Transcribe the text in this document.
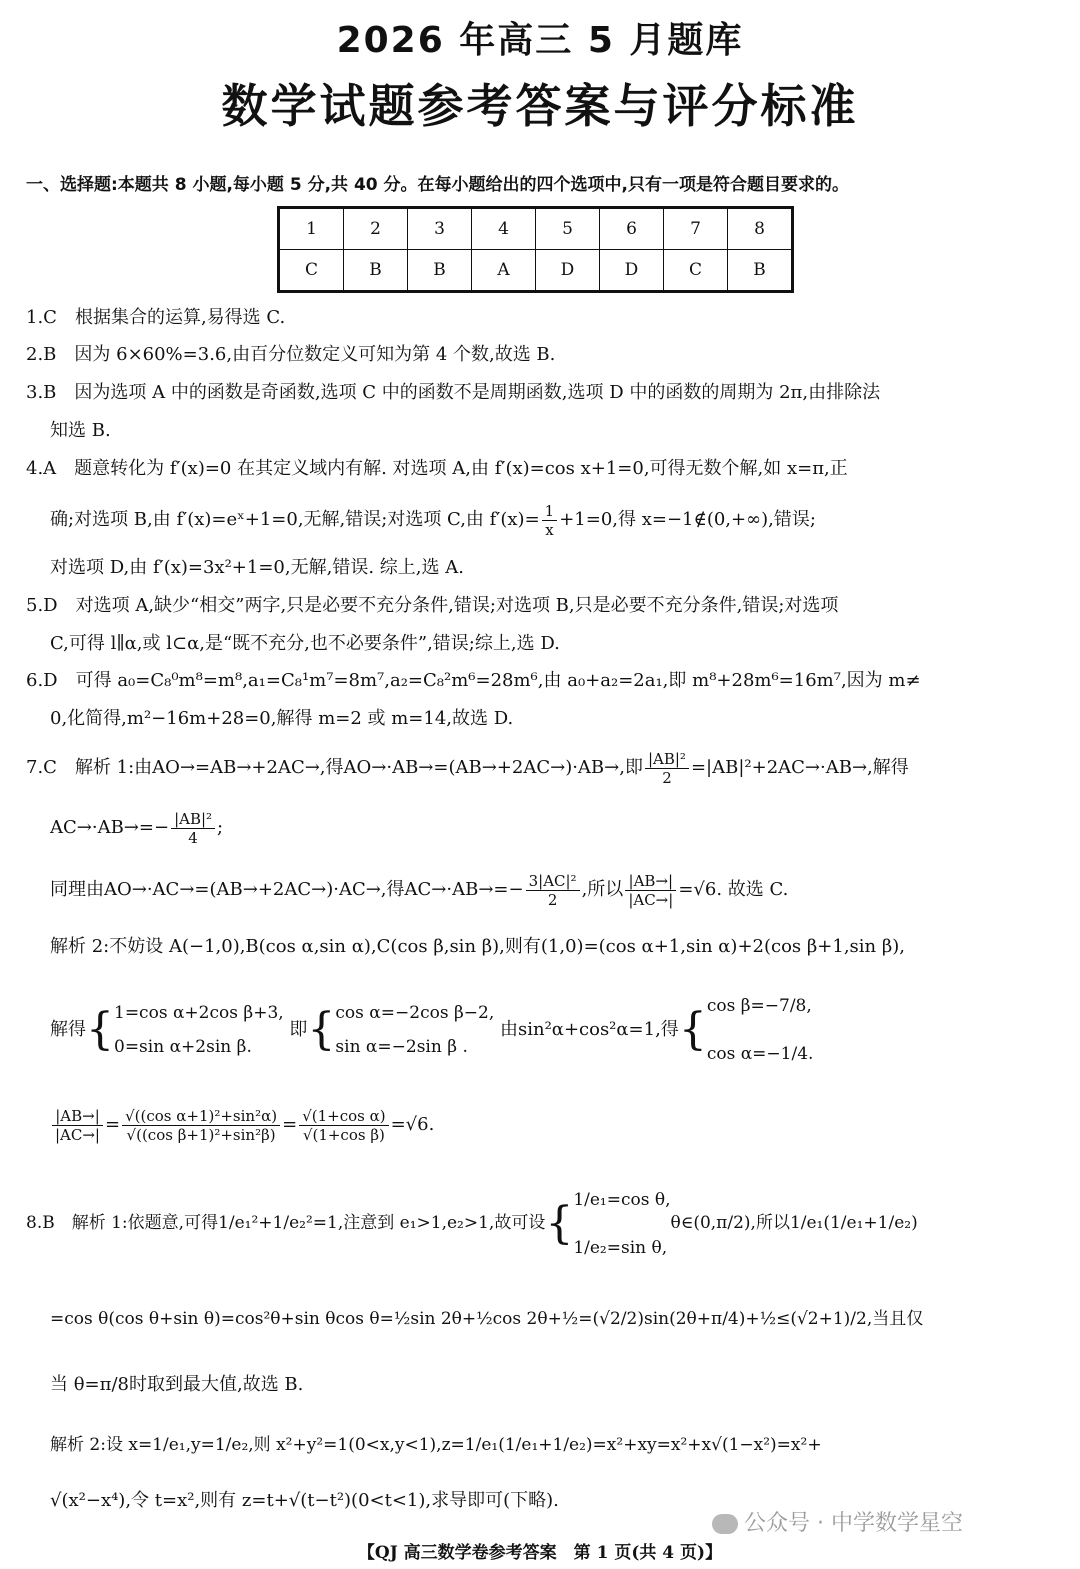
2026 年高三 5 月题库
数学试题参考答案与评分标准
一、选择题:本题共 8 小题,每小题 5 分,共 40 分。在每小题给出的四个选项中,只有一项是符合题目要求的。
1	2	3	4	5	6	7	8
C	B	B	A	D	D	C	B
1.C　根据集合的运算,易得选 C.
2.B　因为 6×60%=3.6,由百分位数定义可知为第 4 个数,故选 B.
3.B　因为选项 A 中的函数是奇函数,选项 C 中的函数不是周期函数,选项 D 中的函数的周期为 2π,由排除法
知选 B.
4.A　题意转化为 f′(x)=0 在其定义域内有解. 对选项 A,由 f′(x)=cos x+1=0,可得无数个解,如 x=π,正
确;对选项 B,由 f′(x)=eˣ+1=0,无解,错误;对选项 C,由 $f'(x)= \frac{1}{x} +1=0$,得 x=−1∉(0,+∞),错误;
对选项 D,由 f′(x)=3x²+1=0,无解,错误. 综上,选 A.
5.D　对选项 A,缺少“相交”两字,只是必要不充分条件,错误;对选项 B,只是必要不充分条件,错误;对选项
C,可得 l∥α,或 l⊂α,是“既不充分,也不必要条件”,错误;综上,选 D.
6.D　可得 a₀=C₈⁰m⁸=m⁸,a₁=C₈¹m⁷=8m⁷,a₂=C₈²m⁶=28m⁶,由 a₀+a₂=2a₁,即 m⁸+28m⁶=16m⁷,因为 m≠
0,化简得,m²−16m+28=0,解得 m=2 或 m=14,故选 D.
7.C　解析 1:由AO→=AB→+2AC→,得AO→·AB→=(AB→+2AC→)·AB→,即 $\frac{\text{|AB|²}}{2} =|AB|^2+2AC\to\cdot AB\to$,解得
$AC\to\cdot AB\to=- \frac{\text{|AB|²}}{4}$ ;
同理由AO→·AC→=(AB→+2AC→)·AC→,得$AC\to\cdot AB\to=- \frac{\text{3|AC|²}}{2}$ ,所以 $\frac{|AB\to|}{|AC\to|} =√6$. 故选 C.
解析 2:不妨设 A(−1,0),B(cos α,sin α),C(cos β,sin β),则有(1,0)=(cos α+1,sin α)+2(cos β+1,sin β),
解得{ 1=cos α+2cos β+3,
0=sin α+2sin β.
即{ cos α=−2cos β−2,
sin α=−2sin β .
由sin²α+cos²α=1,得{ cos β=−7/8,
cos α=−1/4.
$\frac{|AB\to|}{|AC\to|} = \frac{\text{√((cos α+1)²+sin²α)}}{\text{√((cos β+1)²+sin²β)}} = \frac{\text{√(1+cos α)}}{\text{√(1+cos β)}} =√6$.
8.B　解析 1:依题意,可得1/e₁²+1/e₂²=1,注意到 e₁>1,e₂>1,故可设{ 1/e₁=cos θ,
1/e₂=sin θ,
θ∈(0,π/2),所以1/e₁(1/e₁+1/e₂)
=cos θ(cos θ+sin θ)=cos²θ+sin θcos θ=½sin 2θ+½cos 2θ+½=(√2/2)sin(2θ+π/4)+½≤(√2+1)/2,当且仅
当 θ=π/8时取到最大值,故选 B.
解析 2:设 x=1/e₁,y=1/e₂,则 x²+y²=1(0<x,y<1),z=1/e₁(1/e₁+1/e₂)=x²+xy=x²+x√(1−x²)=x²+
√(x²−x⁴),令 t=x²,则有 z=t+√(t−t²)(0<t<1),求导即可(下略).
公众号 · 中学数学星空
【QJ 高三数学卷参考答案　第 1 页(共 4 页)】
